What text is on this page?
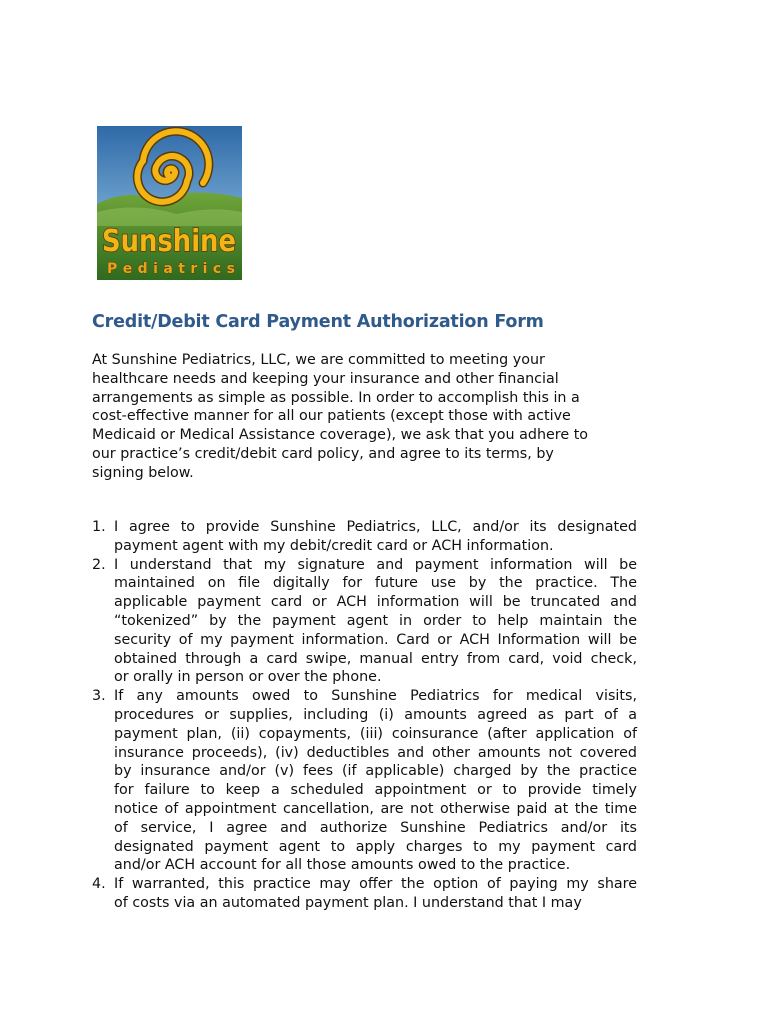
Sunshine
Pediatrics
Credit/Debit Card Payment Authorization Form

At Sunshine Pediatrics, LLC, we are committed to meeting your
healthcare needs and keeping your insurance and other financial
arrangements as simple as possible. In order to accomplish this in a
cost-effective manner for all our patients (except those with active
Medicaid or Medical Assistance coverage), we ask that you adhere to
our practice’s credit/debit card policy, and agree to its terms, by
signing below.

1. I agree to provide Sunshine Pediatrics, LLC, and/or its designated
payment agent with my debit/credit card or ACH information.
2. I understand that my signature and payment information will be
maintained on file digitally for future use by the practice. The
applicable payment card or ACH information will be truncated and
“tokenized” by the payment agent in order to help maintain the
security of my payment information. Card or ACH Information will be
obtained through a card swipe, manual entry from card, void check,
or orally in person or over the phone.
3. If any amounts owed to Sunshine Pediatrics for medical visits,
procedures or supplies, including (i) amounts agreed as part of a
payment plan, (ii) copayments, (iii) coinsurance (after application of
insurance proceeds), (iv) deductibles and other amounts not covered
by insurance and/or (v) fees (if applicable) charged by the practice
for failure to keep a scheduled appointment or to provide timely
notice of appointment cancellation, are not otherwise paid at the time
of service, I agree and authorize Sunshine Pediatrics and/or its
designated payment agent to apply charges to my payment card
and/or ACH account for all those amounts owed to the practice.
4. If warranted, this practice may offer the option of paying my share
of costs via an automated payment plan. I understand that I may
